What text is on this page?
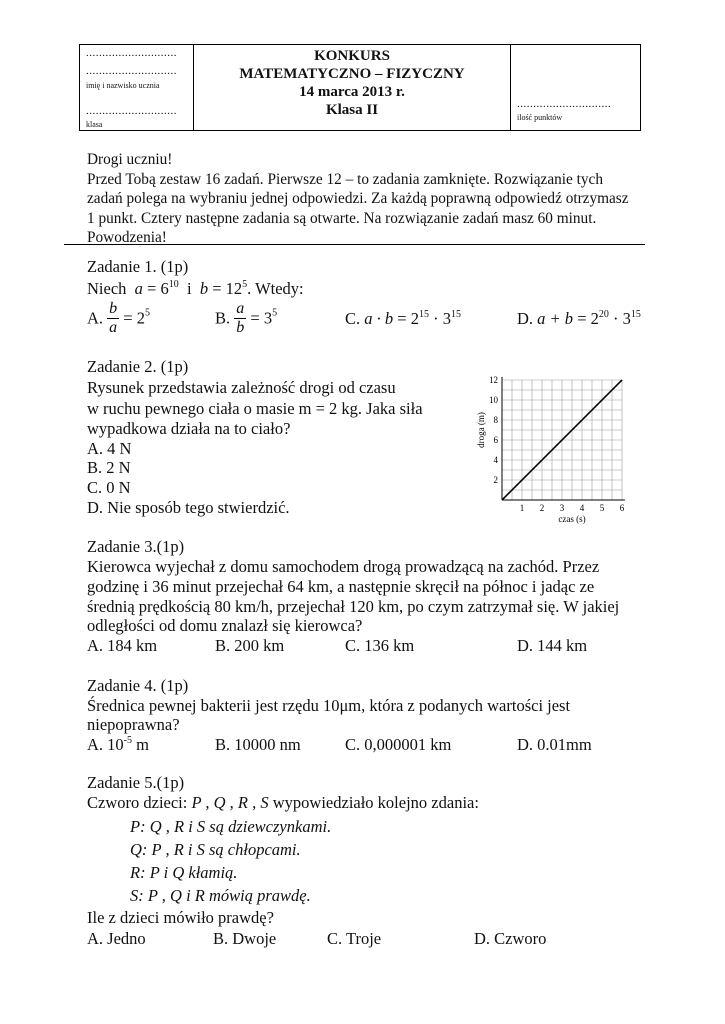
............................
............................
imię i nazwisko ucznia
............................
klasa
KONKURS
MATEMATYCZNO – FIZYCZNY
14 marca 2013 r.
Klasa II	.............................
ilość punktów
Drogi uczniu!
Przed Tobą zestaw 16 zadań. Pierwsze 12 – to zadania zamknięte. Rozwiązanie tych
zadań polega na wybraniu jednej odpowiedzi. Za każdą poprawną odpowiedź otrzymasz
1 punkt. Cztery następne zadania są otwarte. Na rozwiązanie zadań masz 60 minut.
Powodzenia!
Zadanie 1. (1p)
Niech $a = 6^{10}$ i $b = 12^5$. Wtedy:
A. $\frac{b}{a} = 2^5$	B. $\frac{a}{b} = 3^5$	C. $a \cdot b = 2^{15} \cdot 3^{15}$	D. $a + b = 2^{20} \cdot 3^{15}$
Zadanie 2. (1p)
Rysunek przedstawia zależność drogi od czasu
w ruchu pewnego ciała o masie m = 2 kg. Jaka siła
wypadkowa działa na to ciało?
A. 4 N
B. 2 N
C. 0 N
D. Nie sposób tego stwierdzić.	1 2 3 4 5 6
2
4
6
8
10
12
czas (s)
droga (m)
Zadanie 3.(1p)
Kierowca wyjechał z domu samochodem drogą prowadzącą na zachód. Przez
godzinę i 36 minut przejechał 64 km, a następnie skręcił na północ i jadąc ze
średnią prędkością 80 km/h, przejechał 120 km, po czym zatrzymał się. W jakiej
odległości od domu znalazł się kierowca?
A. 184 km	B. 200 km	C. 136 km	D. 144 km
Zadanie 4. (1p)
Średnica pewnej bakterii jest rzędu 10μm, która z podanych wartości jest
niepoprawna?
A. $10^{-5}$ m	B. 10000 nm	C. 0,000001 km	D. 0.01mm
Zadanie 5.(1p)
Czworo dzieci: P , Q , R , S wypowiedziało kolejno zdania:
P: Q , R i S są dziewczynkami.
Q: P , R i S są chłopcami.
R: P i Q kłamią.
S: P , Q i R mówią prawdę.
Ile z dzieci mówiło prawdę?
A. Jedno	B. Dwoje	C. Troje	D. Czworo
